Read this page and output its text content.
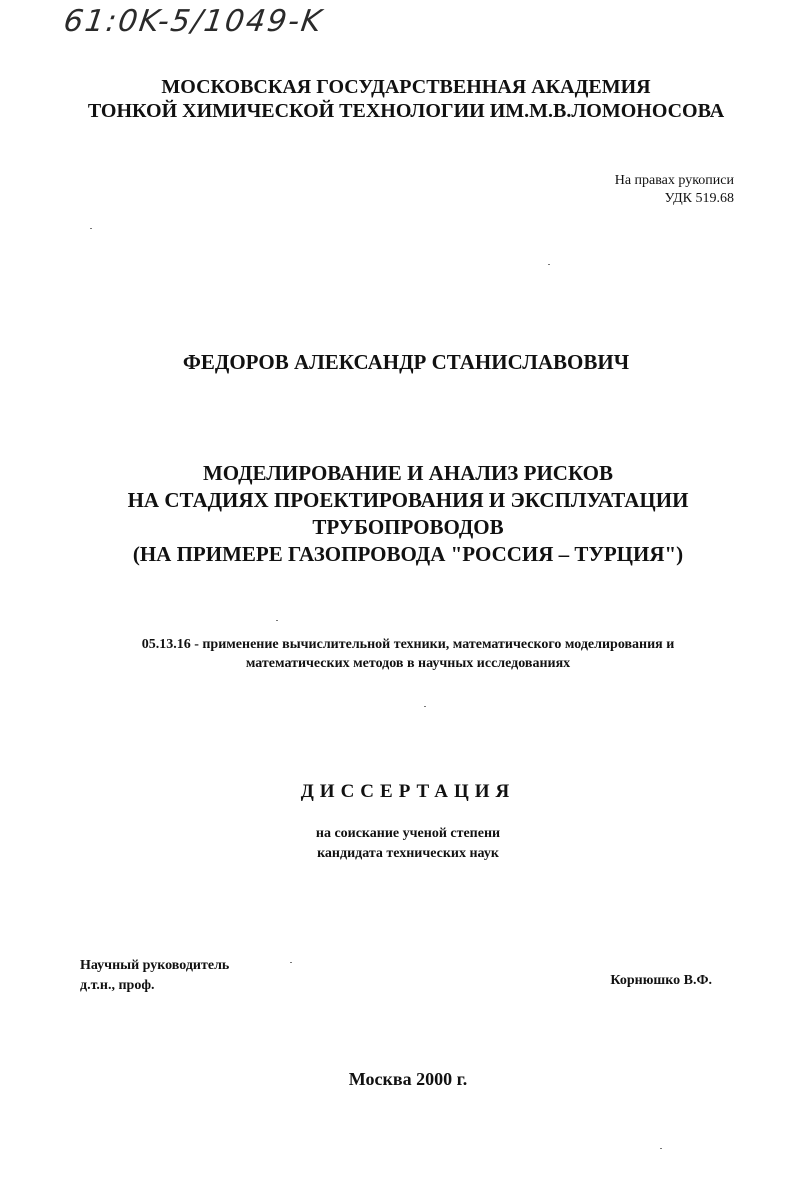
61:0K-5/1049-K
МОСКОВСКАЯ ГОСУДАРСТВЕННАЯ АКАДЕМИЯ
ТОНКОЙ ХИМИЧЕСКОЙ ТЕХНОЛОГИИ ИМ.М.В.ЛОМОНОСОВА
На правах рукописи
УДК 519.68
ФЕДОРОВ АЛЕКСАНДР СТАНИСЛАВОВИЧ
МОДЕЛИРОВАНИЕ И АНАЛИЗ РИСКОВ
НА СТАДИЯХ ПРОЕКТИРОВАНИЯ И ЭКСПЛУАТАЦИИ
ТРУБОПРОВОДОВ
(НА ПРИМЕРЕ ГАЗОПРОВОДА "РОССИЯ – ТУРЦИЯ")
05.13.16 - применение вычислительной техники, математического моделирования и
математических методов в научных исследованиях
ДИССЕРТАЦИЯ
на соискание ученой степени
кандидата технических наук
Научный руководитель
д.т.н., проф.	Корнюшко В.Ф.
Москва 2000 г.
